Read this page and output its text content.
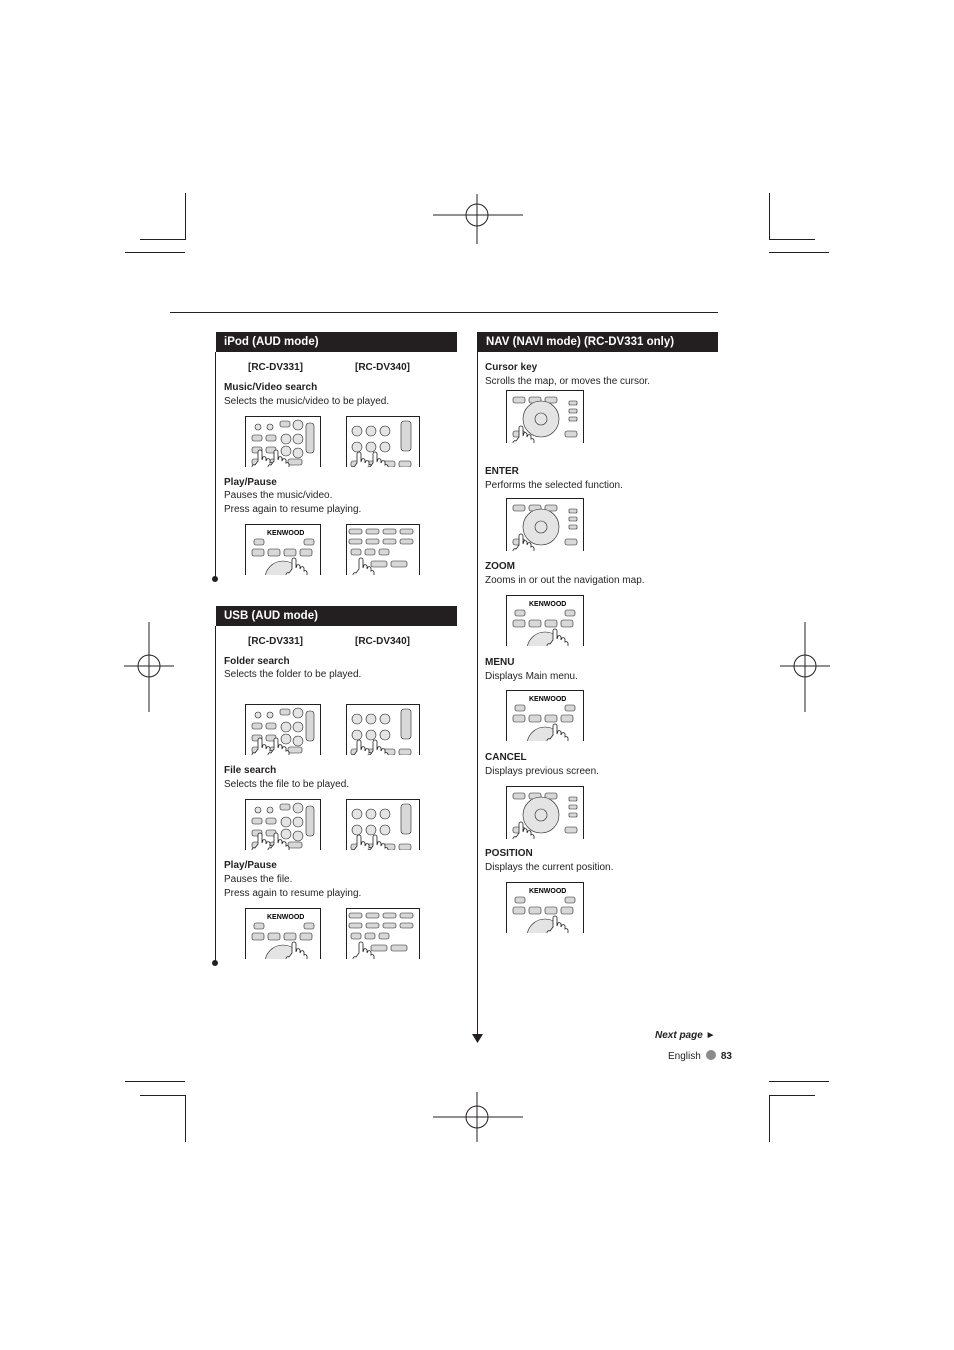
iPod (AUD mode)
[RC-DV331]	[RC-DV340]
Music/Video search
Selects the music/video to be played.
Play/Pause
Pauses the music/video.
Press again to resume playing.
KENWOOD
USB (AUD mode)
[RC-DV331]	[RC-DV340]
Folder search
Selects the folder to be played.
File search
Selects the file to be played.
Play/Pause
Pauses the file.
Press again to resume playing.
KENWOOD
NAV (NAVI mode) (RC-DV331 only)
Cursor key
Scrolls the map, or moves the cursor.
ENTER
Performs the selected function.
ZOOM
Zooms in or out the navigation map.
KENWOOD
MENU
Displays Main menu.
KENWOOD
CANCEL
Displays previous screen.
POSITION
Displays the current position.
KENWOOD
Next page ►
English 83
